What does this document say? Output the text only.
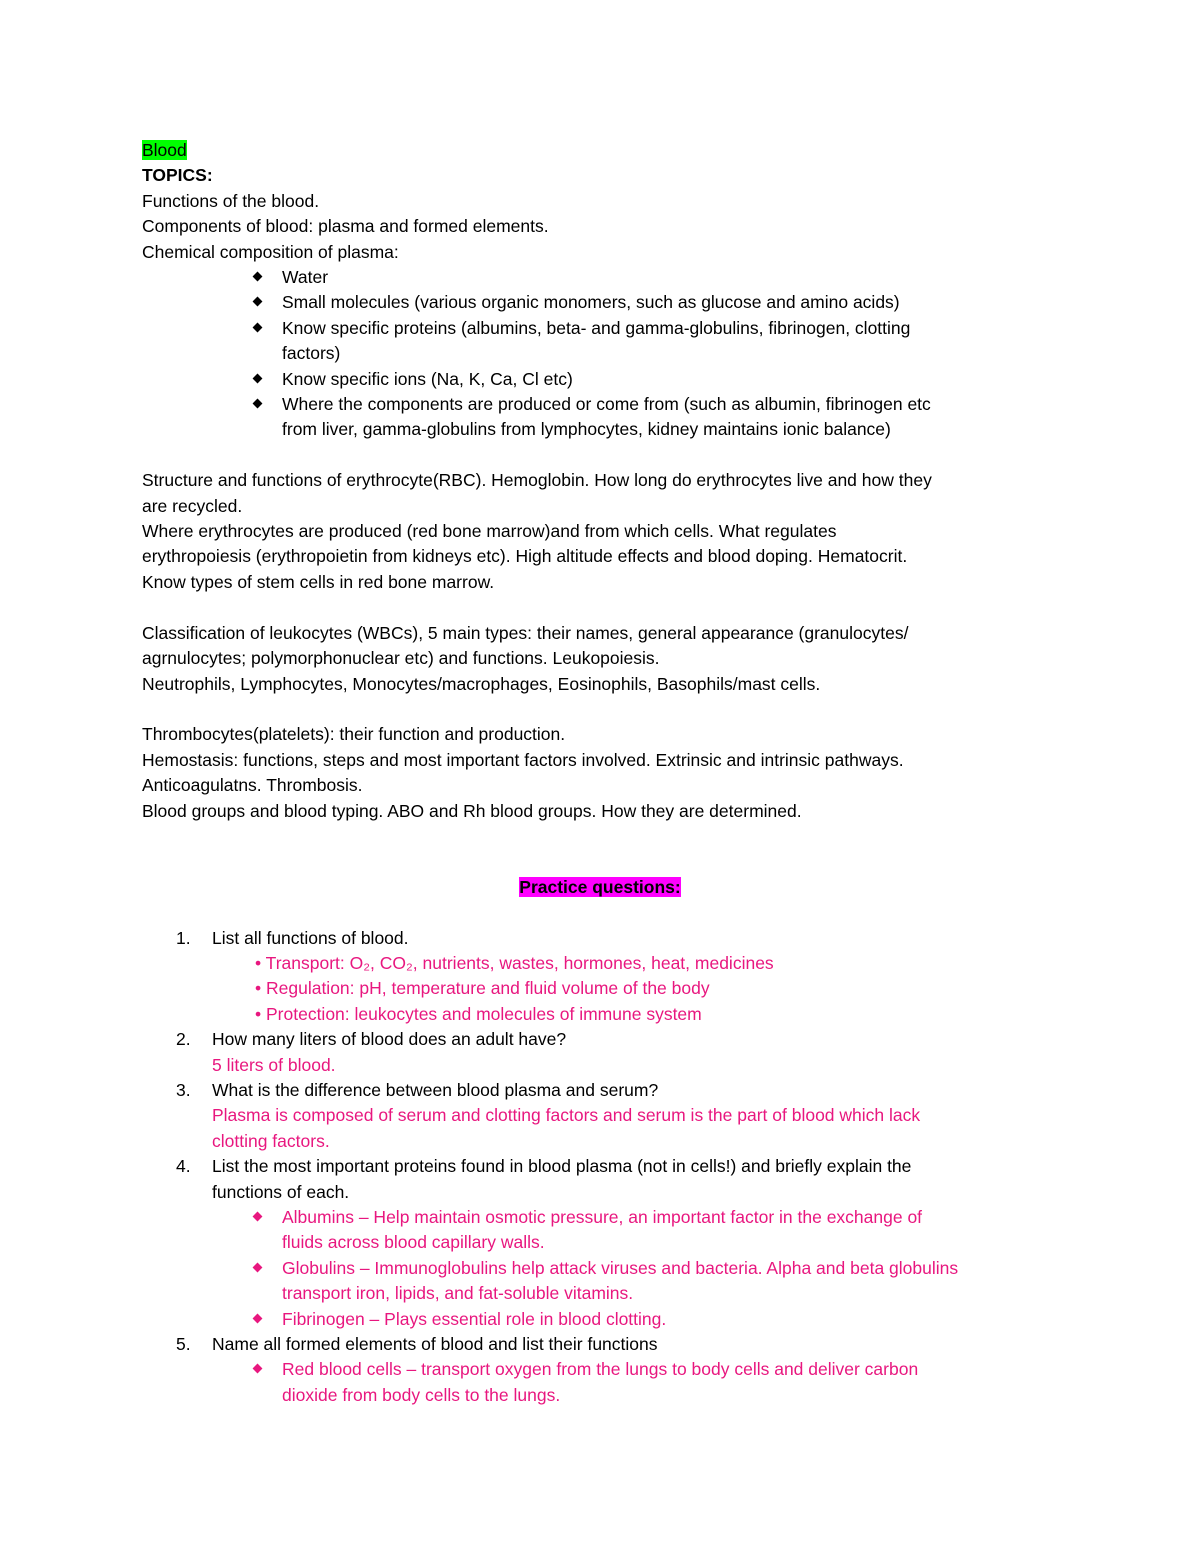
Blood
TOPICS:
Functions of the blood.
Components of blood: plasma and formed elements.
Chemical composition of plasma:
Water
Small molecules (various organic monomers, such as glucose and amino acids)
Know specific proteins (albumins, beta- and gamma-globulins, fibrinogen, clotting
factors)
Know specific ions (Na, K, Ca, Cl etc)
Where the components are produced or come from (such as albumin, fibrinogen etc
from liver, gamma-globulins from lymphocytes, kidney maintains ionic balance)
Structure and functions of erythrocyte(RBC). Hemoglobin. How long do erythrocytes live and how they
are recycled.
Where erythrocytes are produced (red bone marrow)and from which cells. What regulates
erythropoiesis (erythropoietin from kidneys etc). High altitude effects and blood doping. Hematocrit.
Know types of stem cells in red bone marrow.
Classification of leukocytes (WBCs), 5 main types: their names, general appearance (granulocytes/
agrnulocytes; polymorphonuclear etc) and functions. Leukopoiesis.
Neutrophils, Lymphocytes, Monocytes/macrophages, Eosinophils, Basophils/mast cells.
Thrombocytes(platelets): their function and production.
Hemostasis: functions, steps and most important factors involved. Extrinsic and intrinsic pathways.
Anticoagulatns. Thrombosis.
Blood groups and blood typing. ABO and Rh blood groups. How they are determined.
Practice questions:
1. List all functions of blood.
• Transport: O₂, CO₂, nutrients, wastes, hormones, heat, medicines
• Regulation: pH, temperature and fluid volume of the body
• Protection: leukocytes and molecules of immune system
2. How many liters of blood does an adult have?
5 liters of blood.
3. What is the difference between blood plasma and serum?
Plasma is composed of serum and clotting factors and serum is the part of blood which lack
clotting factors.
4. List the most important proteins found in blood plasma (not in cells!) and briefly explain the
functions of each.
Albumins – Help maintain osmotic pressure, an important factor in the exchange of
fluids across blood capillary walls.
Globulins – Immunoglobulins help attack viruses and bacteria. Alpha and beta globulins
transport iron, lipids, and fat-soluble vitamins.
Fibrinogen – Plays essential role in blood clotting.
5. Name all formed elements of blood and list their functions
Red blood cells – transport oxygen from the lungs to body cells and deliver carbon
dioxide from body cells to the lungs.
